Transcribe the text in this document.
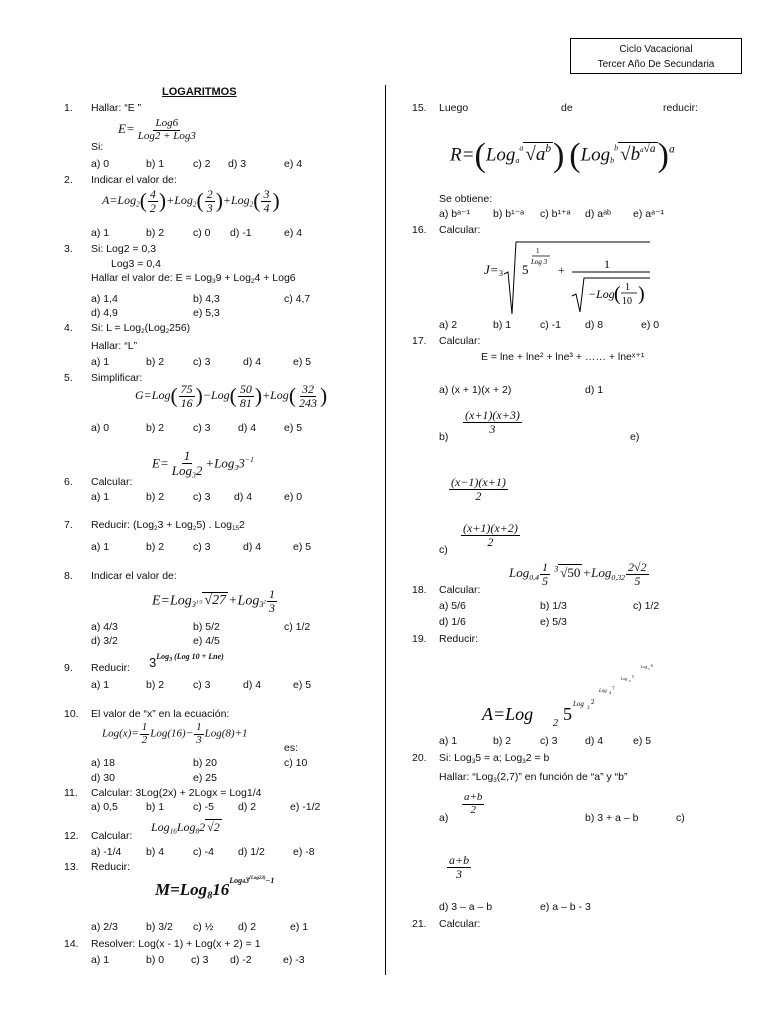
Ciclo Vacacional
Tercer Año De Secundaria
LOGARITMOS
1. Hallar: “E ”
$E= \frac{\text{Log6}}{\text{Log2 + Log3}}$
Si:
a) 0	b) 1	c) 2 d) 3	e) 4
2. Indicar el valor de:
$A=Log_2( \frac{4}{2} )+Log_2( \frac{2}{3} )+Log_2( \frac{3}{4}$ )
a) 1	b) 2	c) 0 d) -1	e) 4
3. Si: Log2 = 0,3
Log3 = 0,4
Hallar el valor de: E = Log$_3$9 + Log$_2$4 + Log6
a) 1,4	b) 4,3	c) 4,7
d) 4,9	e) 5,3
4. Si: L = Log$_2$(Log$_2$256)
Hallar: “L”
a) 1	b) 2	c) 3	d) 4	e) 5
5. Simplificar:
$G=Log( \frac{75}{16} )-Log( \frac{50}{81} )+Log( \frac{32}{243}$ )
a) 0	b) 2	c) 3	d) 4	e) 5
$E= \frac{1}{Log_32} +Log_33^{-1}$
6. Calcular:
a) 1	b) 2	c) 3 d) 4	e) 0
7. Reducir: (Log$_2$3 + Log$_2$5) . Log$_{15}$2
a) 1	b) 2	c) 3	d) 4	e) 5
8. Indicar el valor de:
E=Log$_{3^{1/3}}$ $√27 +Log_{3^2} \frac{1}{3}$
a) 4/3	b) 5/2	c) 1/2
d) 3/2	e) 4/5
9. Reducir: 3Log$_3$ (Log 10 + Lne)
a) 1	b) 2	c) 3	d) 4	e) 5
10. El valor de “x” en la ecuación:
$Log(x)= \frac{1}{2} Log(16)- \frac{1}{3} Log(8)+1$
es:
a) 18	b) 20	c) 10
d) 30	e) 25
11. Calcular: 3Log(2x) + 2Logx = Log1/4
a) 0,5	b) 1	c) -5 d) 2	e) -1/2
12. Calcular:
Log$_{16}$Log$_8$2 √2
a) -1/4 b) 4	c) -4 d) 1/2	e) -8
13. Reducir:
$M=Log_816^{Log43^{(Log23)}-1}$
a) 2/3	b) 3/2 c) ½ d) 2	e) 1
14. Resolver: Log(x - 1) + Log(x + 2) = 1
a) 1	b) 0	c) 3 d) -2	e) -3
15. Luego	de	reducir:
R=(Log$_a^a$ $√a^b$) (Log$_b^b$ $√b^{a√a})^a$
Se obtiene:
a) bᵃ⁻¹ b) b¹⁻ᵃ c) b¹⁺ᵃ d) aᵃᵇ e) aᵃ⁻¹
16. Calcular:
J= 3 5
1
Log 3
+	1
−Log ( 1
10 )
a) 2	b) 1	c) -1 d) 8	e) 0
17. Calcular:
E = lne + lne² + lne³ + …… + lneˣ⁺¹
a) (x + 1)(x + 2)	d) 1
b)
$\frac{(x+1)(x+3)}{3}$
e)
$\frac{(x-1)(x+1)}{2}$
c)
$\frac{(x+1)(x+2)}{2}$
$Log_{0,4} \frac{1}{5} ^3$ $√50 +Log_{0,32} \frac{2√2}{5}$
18. Calcular:
a) 5/6	b) 1/3	c) 1/2
d) 1/6	e) 5/3
19. Reducir:
A=Log 2 5 Log
3
2
Log 4
7
Log 6
5
Log 5
6
a) 1	b) 2	c) 3	d) 4	e) 5
20. Si: Log$_3$5 = a; Log$_3$2 = b
Hallar: “Log$_3$(2,7)” en función de “a” y “b”
a)
$\frac{a+b}{2}$
b) 3 + a – b	c)
$\frac{a+b}{3}$
d) 3 – a – b	e) a – b - 3
21. Calcular:
